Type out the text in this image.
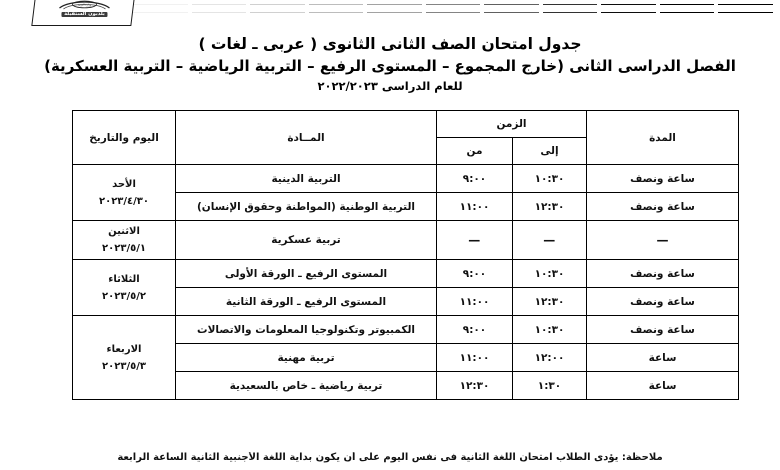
وزارة التربية
بلدبون الستقبلة
جدول امتحان الصف الثانى الثانوى ( عربى ـ لغات )
الفصل الدراسى الثانى (خارج المجموع – المستوى الرفيع – التربية الرياضية – التربية العسكرية)
للعام الدراسى ٢٠٢٢/٢٠٢٣
المدة	الزمن		المــادة	اليوم والتاريخ
	إلى	من		
ساعة ونصف	١٠:٣٠	٩:٠٠	التربية الدينية	الأحد
٢٠٢٣/٤/٣٠

ساعة ونصف	١٢:٣٠	١١:٠٠	التربية الوطنية (المواطنة وحقوق الإنسان)	
—	—	—	تربية عسكرية	الاثنين
٢٠٢٣/٥/١

ساعة ونصف	١٠:٣٠	٩:٠٠	المستوى الرفيع ـ الورقة الأولى	الثلاثاء
٢٠٢٣/٥/٢

ساعة ونصف	١٢:٣٠	١١:٠٠	المستوى الرفيع ـ الورقة الثانية	
ساعة ونصف	١٠:٣٠	٩:٠٠	الكمبيوتر وتكنولوجيا المعلومات والاتصالات	الاربعاء
٢٠٢٣/٥/٣

ساعة	١٢:٠٠	١١:٠٠	تربية مهنية	
ساعة	١:٣٠	١٢:٣٠	تربية رياضية ـ خاص بالسعيدية	
ملاحظة: يؤدى الطلاب امتحان اللغة الثانية فى نفس اليوم على أن يكون بداية اللغة الأجنبية الثانية الساعة الرابعة
